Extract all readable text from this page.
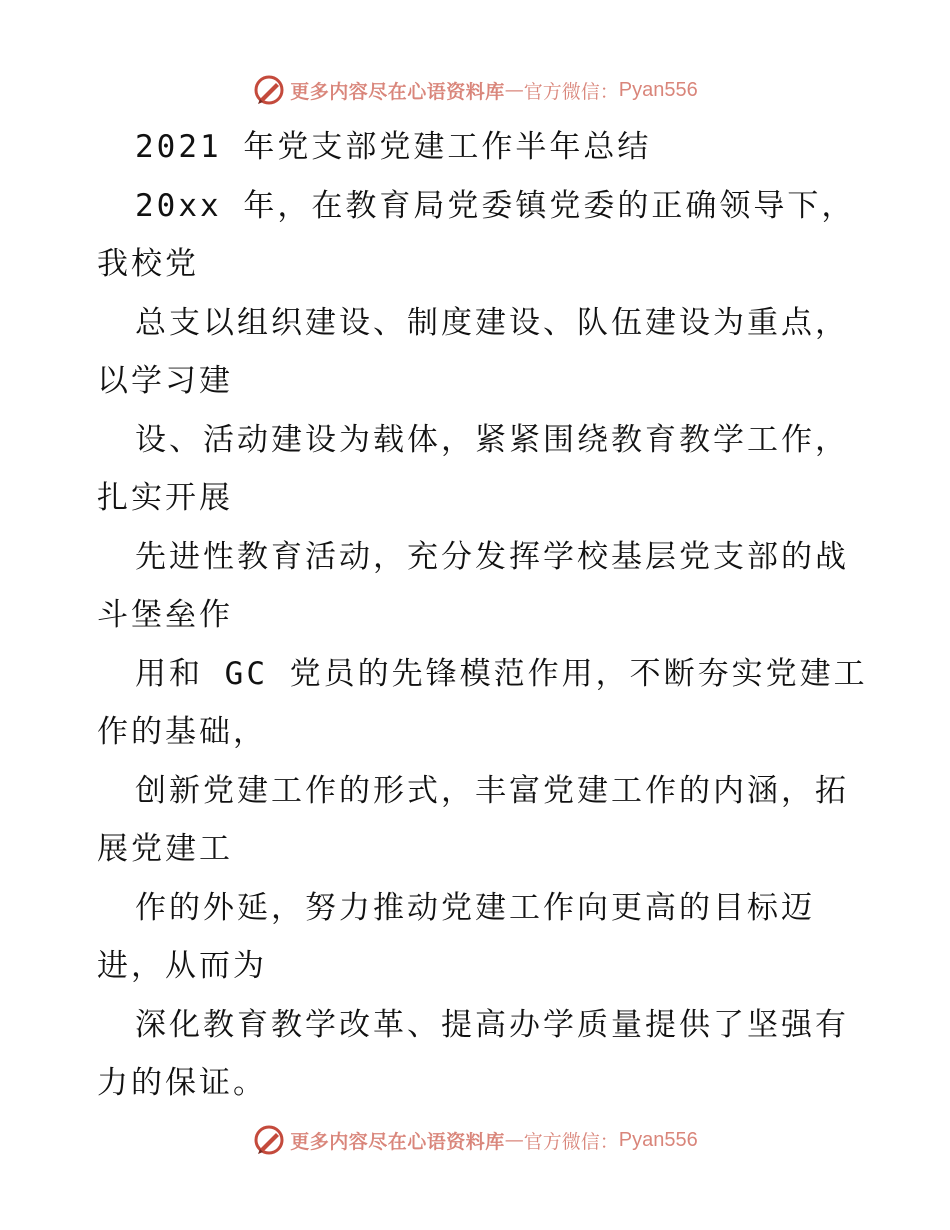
更多内容尽在心语资料库 — 官方微信： Pyan556
2021 年党支部党建工作半年总结
20xx 年，在教育局党委镇党委的正确领导下，
我校党
总支以组织建设、制度建设、队伍建设为重点，
以学习建
设、活动建设为载体，紧紧围绕教育教学工作，
扎实开展
先进性教育活动，充分发挥学校基层党支部的战
斗堡垒作
用和 GC 党员的先锋模范作用，不断夯实党建工
作的基础，
创新党建工作的形式，丰富党建工作的内涵，拓
展党建工
作的外延，努力推动党建工作向更高的目标迈
进，从而为
深化教育教学改革、提高办学质量提供了坚强有
力的保证。
更多内容尽在心语资料库 — 官方微信： Pyan556
